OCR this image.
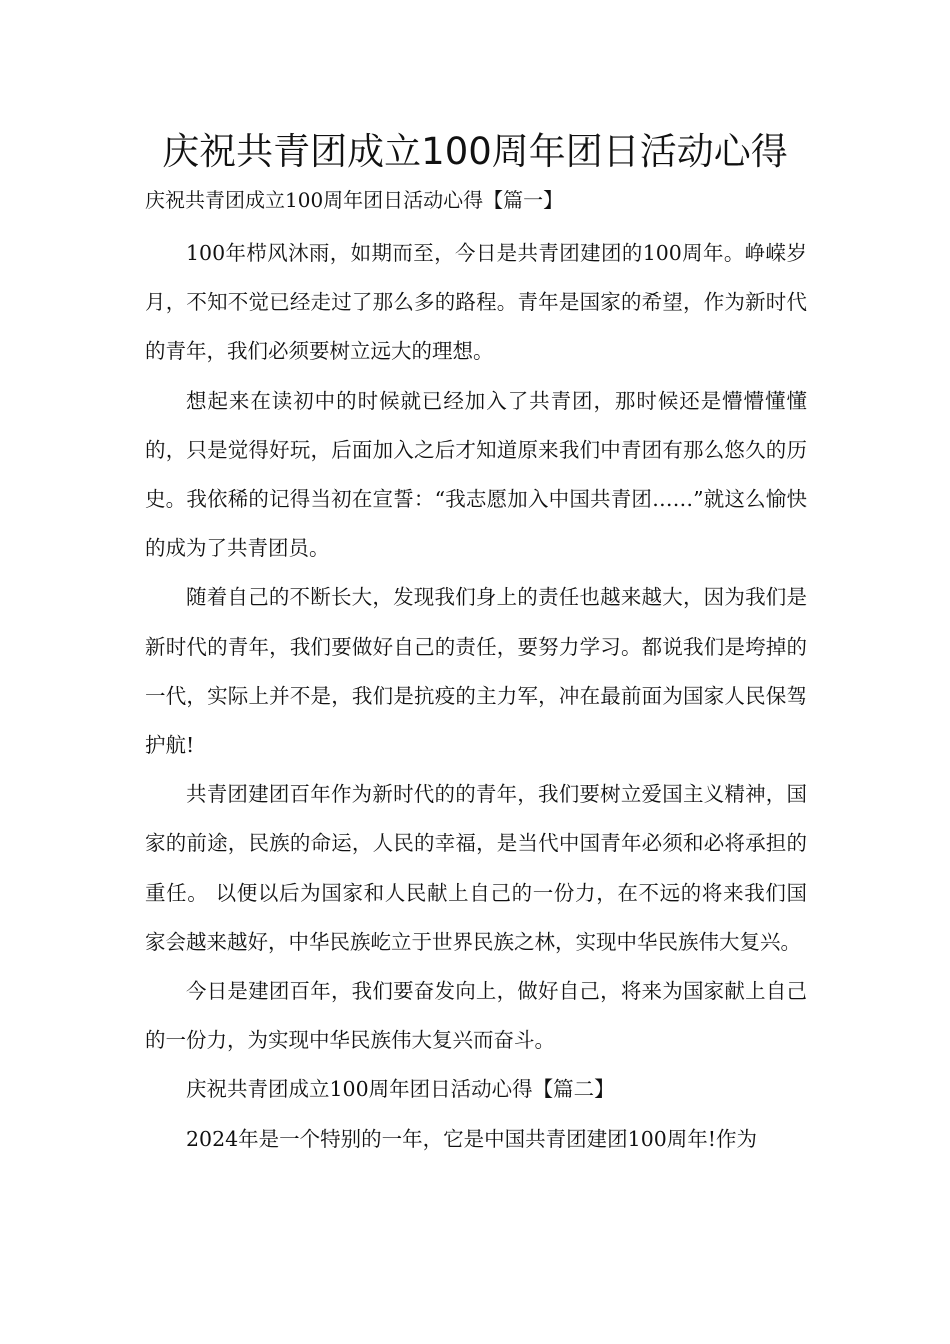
庆祝共青团成立100周年团日活动心得

庆祝共青团成立100周年团日活动心得【篇一】

100年栉风沐雨，如期而至，今日是共青团建团的100周年。峥嵘岁月，不知不觉已经走过了那么多的路程。青年是国家的希望，作为新时代的青年，我们必须要树立远大的理想。

想起来在读初中的时候就已经加入了共青团，那时候还是懵懵懂懂的，只是觉得好玩，后面加入之后才知道原来我们中青团有那么悠久的历史。我依稀的记得当初在宣誓：“我志愿加入中国共青团……”就这么愉快的成为了共青团员。

随着自己的不断长大，发现我们身上的责任也越来越大，因为我们是新时代的青年，我们要做好自己的责任，要努力学习。都说我们是垮掉的一代，实际上并不是，我们是抗疫的主力军，冲在最前面为国家人民保驾护航!

共青团建团百年作为新时代的的青年，我们要树立爱国主义精神，国家的前途，民族的命运，人民的幸福，是当代中国青年必须和必将承担的重任。 以便以后为国家和人民献上自己的一份力，在不远的将来我们国家会越来越好，中华民族屹立于世界民族之林，实现中华民族伟大复兴。

今日是建团百年，我们要奋发向上，做好自己，将来为国家献上自己的一份力，为实现中华民族伟大复兴而奋斗。

庆祝共青团成立100周年团日活动心得【篇二】

2024年是一个特别的一年，它是中国共青团建团100周年!作为
